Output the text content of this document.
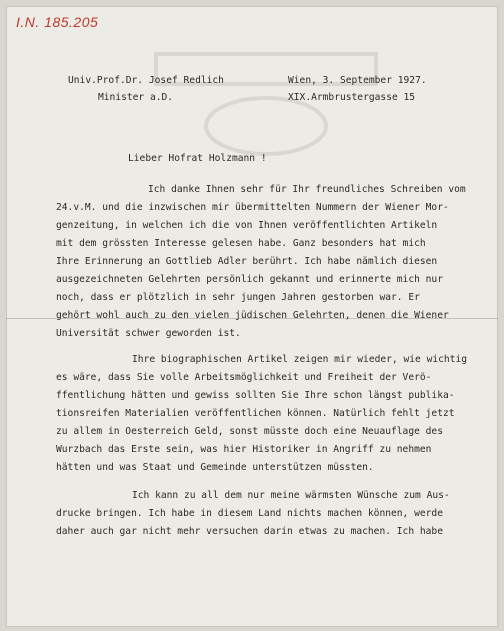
I.N. 185.205
Univ.Prof.Dr. Josef Redlich
Minister a.D.
Wien, 3. September 1927.
XIX.Armbrustergasse 15
Lieber Hofrat Holzmann !
Ich danke Ihnen sehr für Ihr freundliches Schreiben vom
24.v.M. und die inzwischen mir übermittelten Nummern der Wiener Mor-
genzeitung, in welchen ich die von Ihnen veröffentlichten Artikeln
mit dem grössten Interesse gelesen habe. Ganz besonders hat mich
Ihre Erinnerung an Gottlieb Adler berührt. Ich habe nämlich diesen
ausgezeichneten Gelehrten persönlich gekannt und erinnerte mich nur
noch, dass er plötzlich in sehr jungen Jahren gestorben war. Er
gehört wohl auch zu den vielen jüdischen Gelehrten, denen die Wiener
Universität schwer geworden ist.
Ihre biographischen Artikel zeigen mir wieder, wie wichtig
es wäre, dass Sie volle Arbeitsmöglichkeit und Freiheit der Verö-
ffentlichung hätten und gewiss sollten Sie Ihre schon längst publika-
tionsreifen Materialien veröffentlichen können. Natürlich fehlt jetzt
zu allem in Oesterreich Geld, sonst müsste doch eine Neuauflage des
Wurzbach das Erste sein, was hier Historiker in Angriff zu nehmen
hätten und was Staat und Gemeinde unterstützen müssten.
Ich kann zu all dem nur meine wärmsten Wünsche zum Aus-
drucke bringen. Ich habe in diesem Land nichts machen können, werde
daher auch gar nicht mehr versuchen darin etwas zu machen. Ich habe
